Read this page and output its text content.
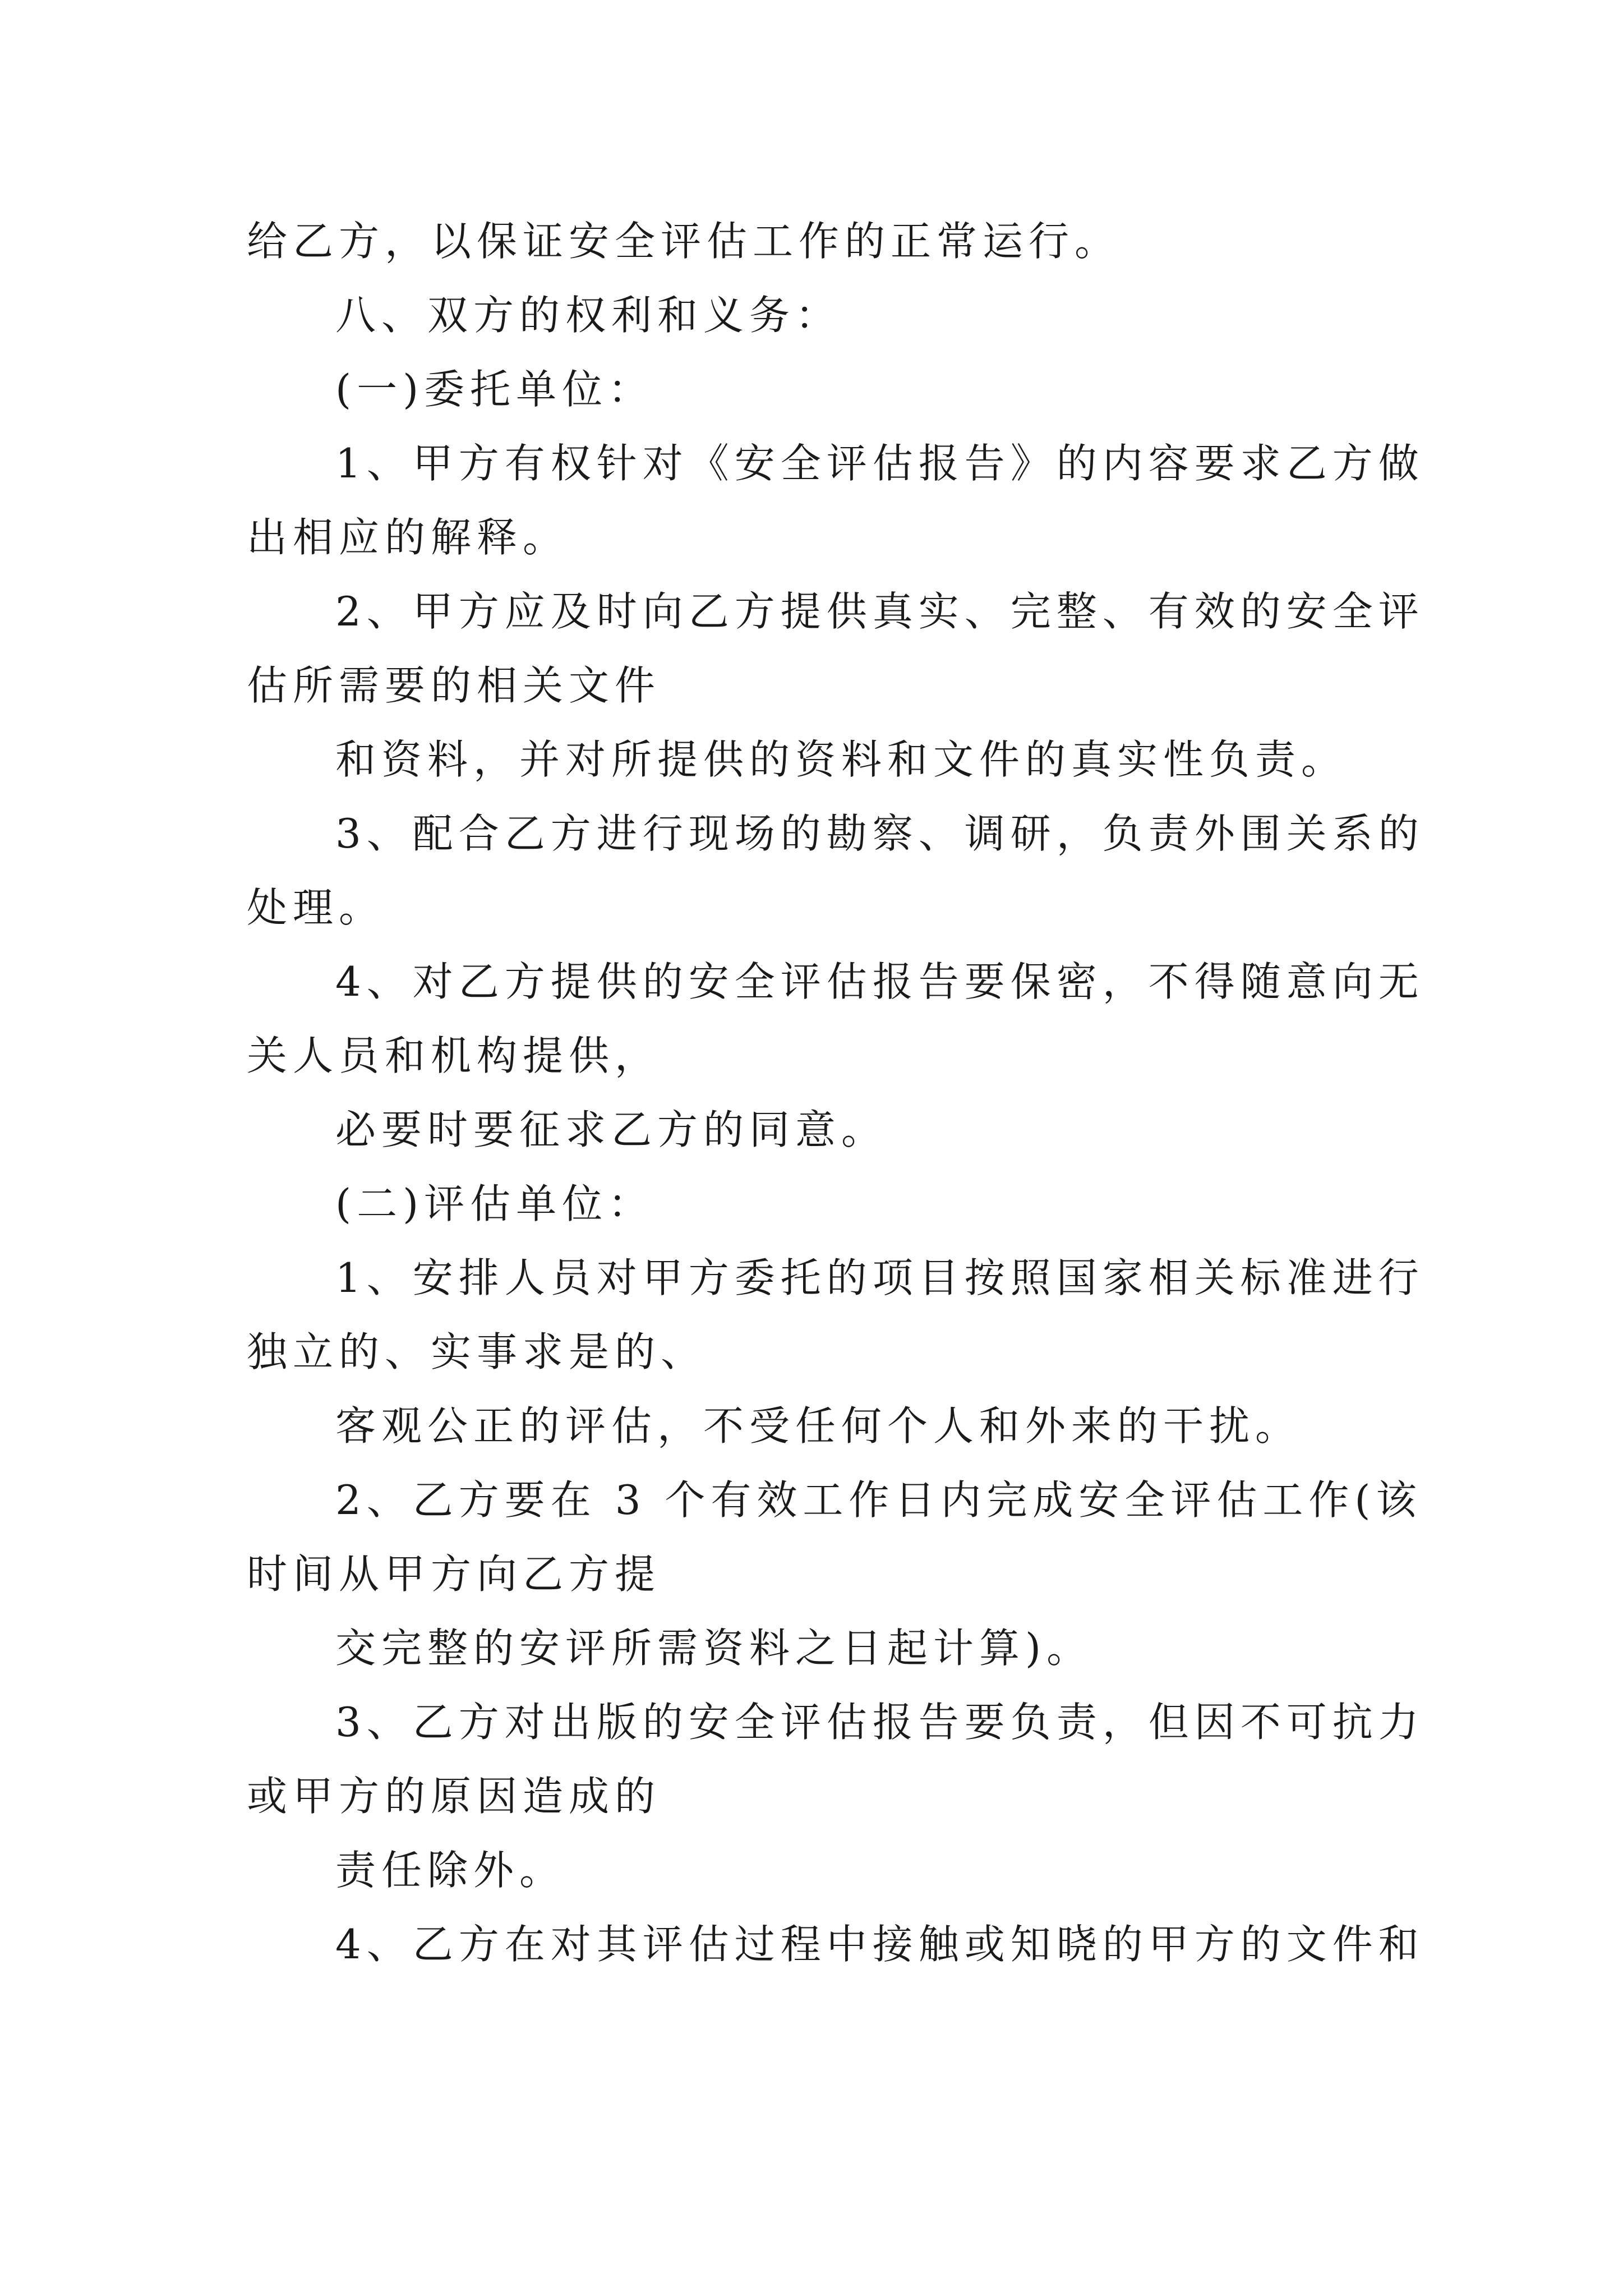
给乙方，以保证安全评估工作的正常运行。
八、双方的权利和义务：
(一)委托单位：
1、甲方有权针对《安全评估报告》的内容要求乙方做
出相应的解释。
2、甲方应及时向乙方提供真实、完整、有效的安全评
估所需要的相关文件
和资料，并对所提供的资料和文件的真实性负责。
3、配合乙方进行现场的勘察、调研，负责外围关系的
处理。
4、对乙方提供的安全评估报告要保密，不得随意向无
关人员和机构提供，
必要时要征求乙方的同意。
(二)评估单位：
1、安排人员对甲方委托的项目按照国家相关标准进行
独立的、实事求是的、
客观公正的评估，不受任何个人和外来的干扰。
2、乙方要在 3 个有效工作日内完成安全评估工作(该
时间从甲方向乙方提
交完整的安评所需资料之日起计算)。
3、乙方对出版的安全评估报告要负责，但因不可抗力
或甲方的原因造成的
责任除外。
4、乙方在对其评估过程中接触或知晓的甲方的文件和
